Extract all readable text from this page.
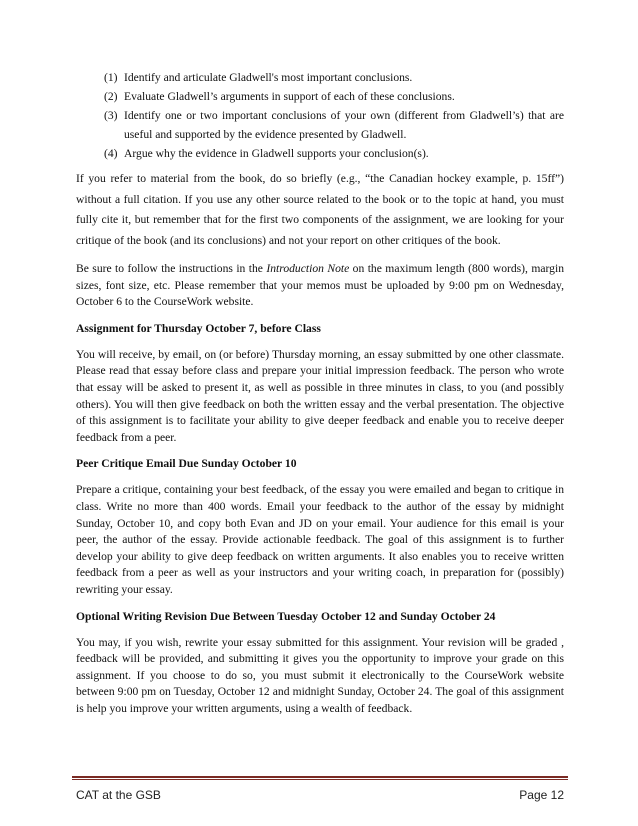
(1) Identify and articulate Gladwell's most important conclusions.
(2) Evaluate Gladwell’s arguments in support of each of these conclusions.
(3) Identify one or two important conclusions of your own (different from Gladwell’s) that are useful and supported by the evidence presented by Gladwell.
(4) Argue why the evidence in Gladwell supports your conclusion(s).

If you refer to material from the book, do so briefly (e.g., “the Canadian hockey example, p. 15ff”) without a full citation. If you use any other source related to the book or to the topic at hand, you must fully cite it, but remember that for the first two components of the assignment, we are looking for your critique of the book (and its conclusions) and not your report on other critiques of the book.

Be sure to follow the instructions in the Introduction Note on the maximum length (800 words), margin sizes, font size, etc. Please remember that your memos must be uploaded by 9:00 pm on Wednesday, October 6 to the CourseWork website.

Assignment for Thursday October 7, before Class

You will receive, by email, on (or before) Thursday morning, an essay submitted by one other classmate. Please read that essay before class and prepare your initial impression feedback. The person who wrote that essay will be asked to present it, as well as possible in three minutes in class, to you (and possibly others). You will then give feedback on both the written essay and the verbal presentation. The objective of this assignment is to facilitate your ability to give deeper feedback and enable you to receive deeper feedback from a peer.

Peer Critique Email Due Sunday October 10

Prepare a critique, containing your best feedback, of the essay you were emailed and began to critique in class. Write no more than 400 words. Email your feedback to the author of the essay by midnight Sunday, October 10, and copy both Evan and JD on your email. Your audience for this email is your peer, the author of the essay. Provide actionable feedback. The goal of this assignment is to further develop your ability to give deep feedback on written arguments. It also enables you to receive written feedback from a peer as well as your instructors and your writing coach, in preparation for (possibly) rewriting your essay.

Optional Writing Revision Due Between Tuesday October 12 and Sunday October 24

You may, if you wish, rewrite your essay submitted for this assignment. Your revision will be graded , feedback will be provided, and submitting it gives you the opportunity to improve your grade on this assignment. If you choose to do so, you must submit it electronically to the CourseWork website between 9:00 pm on Tuesday, October 12 and midnight Sunday, October 24. The goal of this assignment is help you improve your written arguments, using a wealth of feedback.

CAT at the GSB	Page 12
